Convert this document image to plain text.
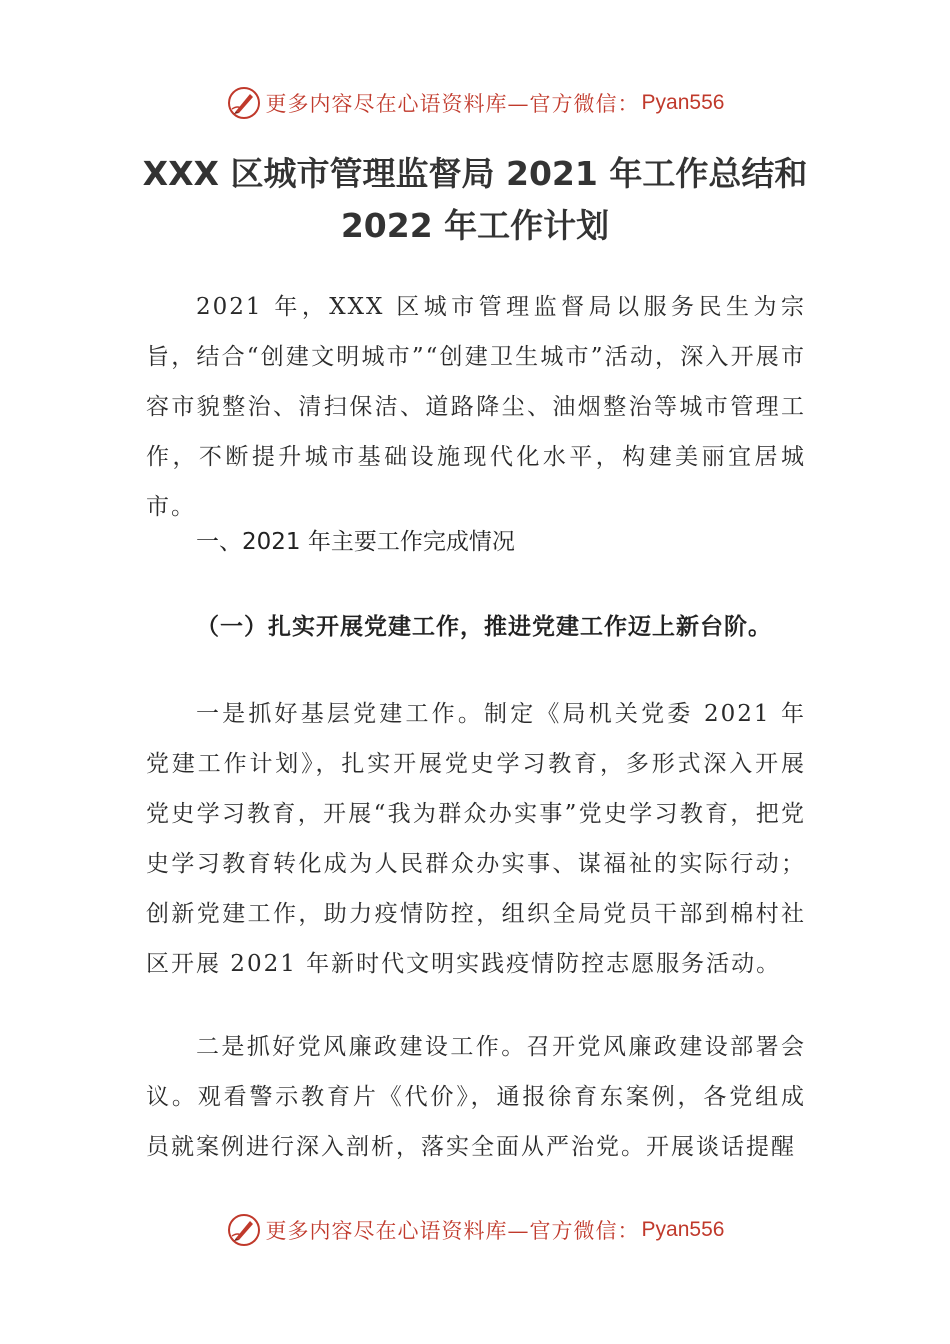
更多内容尽在心语资料库—官方微信： Pyan556
XXX 区城市管理监督局 2021 年工作总结和
2022 年工作计划

2021 年，XXX 区城市管理监督局以服务民生为宗旨，结合“创建文明城市”“创建卫生城市”活动，深入开展市容市貌整治、清扫保洁、道路降尘、油烟整治等城市管理工作，不断提升城市基础设施现代化水平，构建美丽宜居城市。

一、2021 年主要工作完成情况

（一）扎实开展党建工作，推进党建工作迈上新台阶。

一是抓好基层党建工作。制定《局机关党委 2021 年党建工作计划》，扎实开展党史学习教育，多形式深入开展党史学习教育，开展“我为群众办实事”党史学习教育，把党史学习教育转化成为人民群众办实事、谋福祉的实际行动；创新党建工作，助力疫情防控，组织全局党员干部到棉村社区开展 2021 年新时代文明实践疫情防控志愿服务活动。

二是抓好党风廉政建设工作。召开党风廉政建设部署会议。观看警示教育片《代价》，通报徐育东案例，各党组成员就案例进行深入剖析，落实全面从严治党。开展谈话提醒

更多内容尽在心语资料库—官方微信： Pyan556
